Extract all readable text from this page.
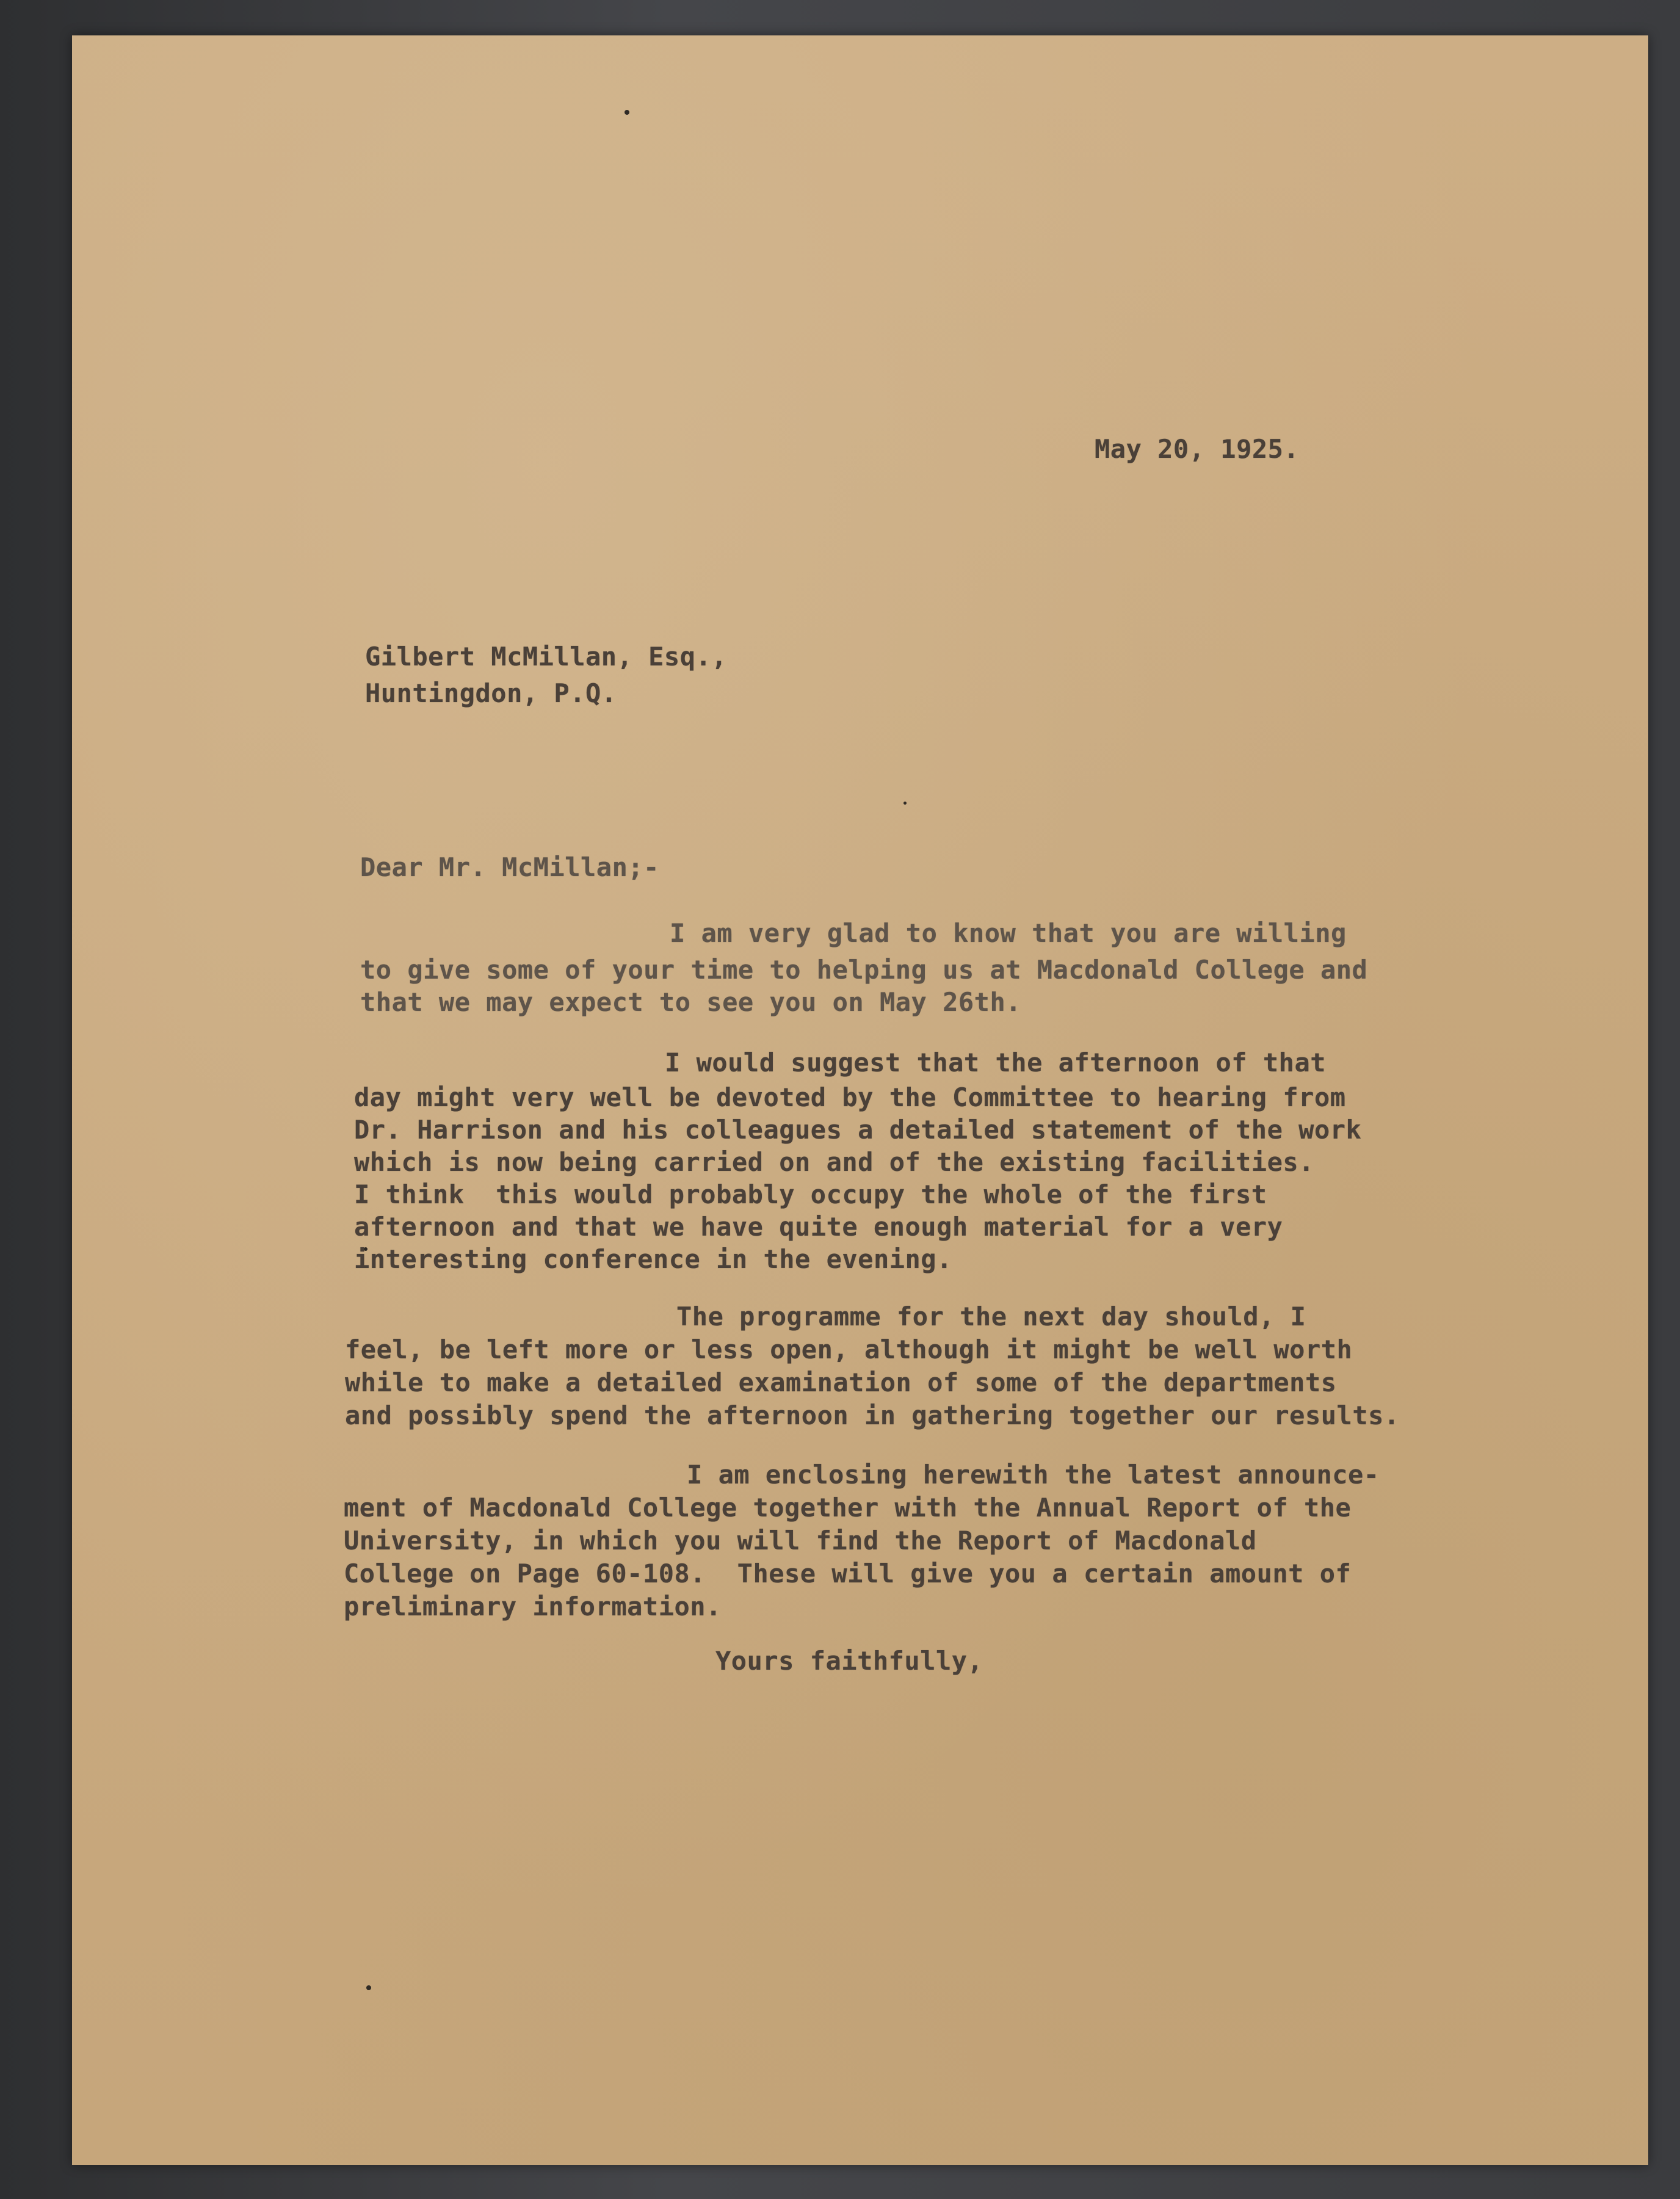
May 20, 1925.
Gilbert McMillan, Esq.,
Huntingdon, P.Q.
Dear Mr. McMillan;-
I am very glad to know that you are willing
to give some of your time to helping us at Macdonald College and
that we may expect to see you on May 26th.
I would suggest that the afternoon of that
day might very well be devoted by the Committee to hearing from
Dr. Harrison and his colleagues a detailed statement of the work
which is now being carried on and of the existing facilities.
I think  this would probably occupy the whole of the first
afternoon and that we have quite enough material for a very
interesting conference in the evening.
The programme for the next day should, I
feel, be left more or less open, although it might be well worth
while to make a detailed examination of some of the departments
and possibly spend the afternoon in gathering together our results.
I am enclosing herewith the latest announce-
ment of Macdonald College together with the Annual Report of the
University, in which you will find the Report of Macdonald
College on Page 60-108.  These will give you a certain amount of
preliminary information.
Yours faithfully,
